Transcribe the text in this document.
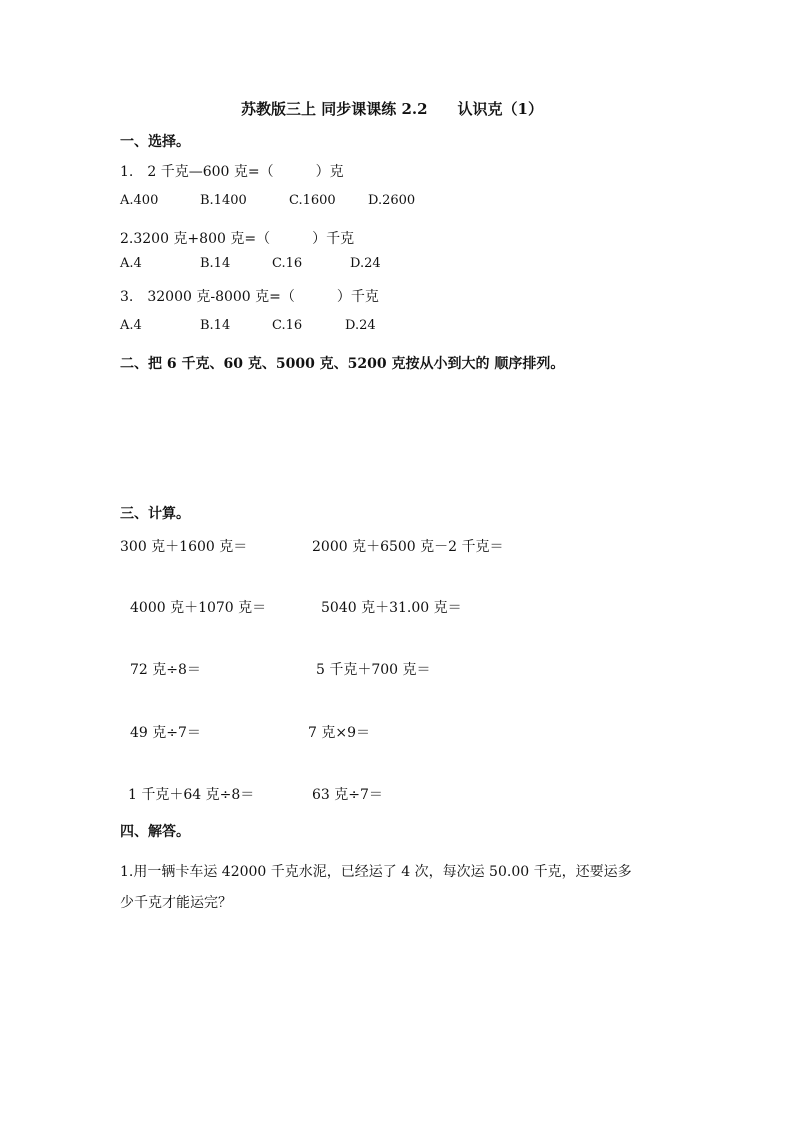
苏教版三上 同步课课练 2.2　　认识克（1）
一、选择。
1.　2 千克—600 克=（　　　）克
A.400	B.1400	C.1600 D.2600
2.3200 克+800 克=（　　　）千克
A.4	B.14	C.16	D.24
3.　32000 克-8000 克=（　　　）千克
A.4	B.14	C.16	D.24
二、把 6 千克、60 克、5000 克、5200 克按从小到大的 顺序排列。
三、计算。
300 克＋1600 克＝	2000 克＋6500 克－2 千克＝
4000 克＋1070 克＝	5040 克＋31.00 克＝
72 克÷8＝	5 千克＋700 克＝
49 克÷7＝	7 克×9＝
1 千克＋64 克÷8＝	63 克÷7＝
四、解答。
1.用一辆卡车运 42000 千克水泥，已经运了 4 次，每次运 50.00 千克，还要运多
少千克才能运完？
